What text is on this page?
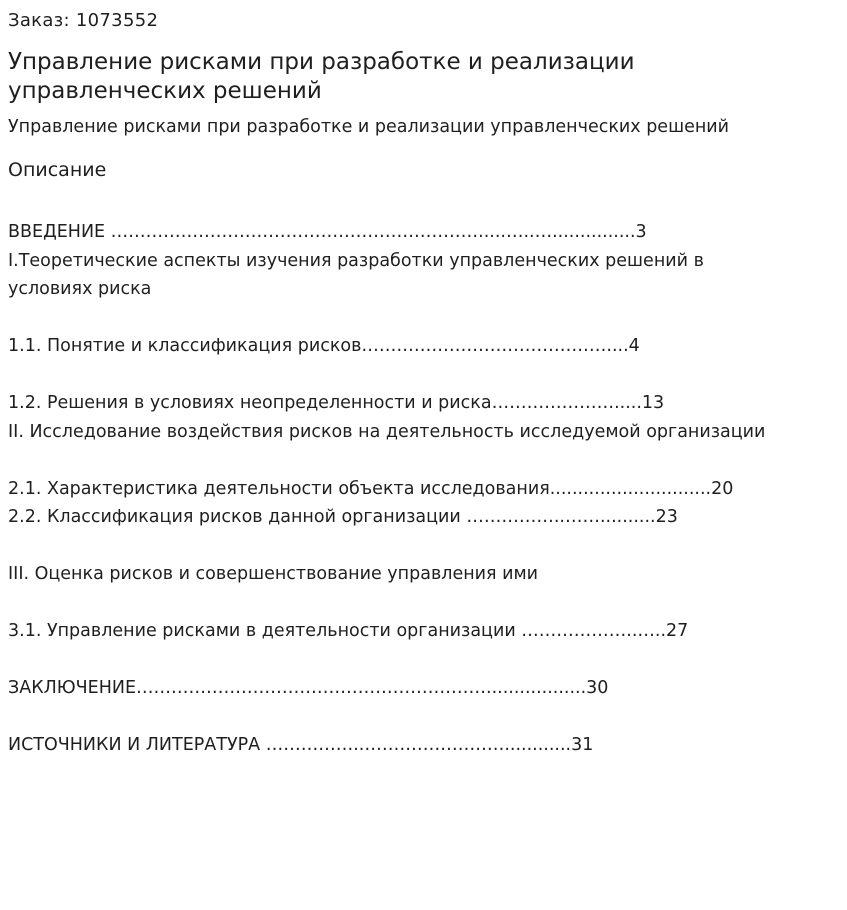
Заказ: 1073552
Управление рисками при разработке и реализации управленческих решений
Управление рисками при разработке и реализации управленческих решений
Описание
ВВЕДЕНИЕ ……………………………………………………….....…..…...............3
I.Теоретические аспекты изучения разработки управленческих решений в условиях риска
1.1. Понятие и классификация рисков……………………………………....4
1.2. Решения в условиях неопределенности и риска………………….....13
II. Исследование воздействия рисков на деятельность исследуемой организации
2.1. Характеристика деятельности объекта исследования.............................20
2.2. Классификация рисков данной организации ……………..……..........23
III. Оценка рисков и совершенствование управления ими
3.1. Управление рисками в деятельности организации ………………..…..27
ЗАКЛЮЧЕНИЕ……………………………………………………..................30
ИСТОЧНИКИ И ЛИТЕРАТУРА ……………..……………………............31
